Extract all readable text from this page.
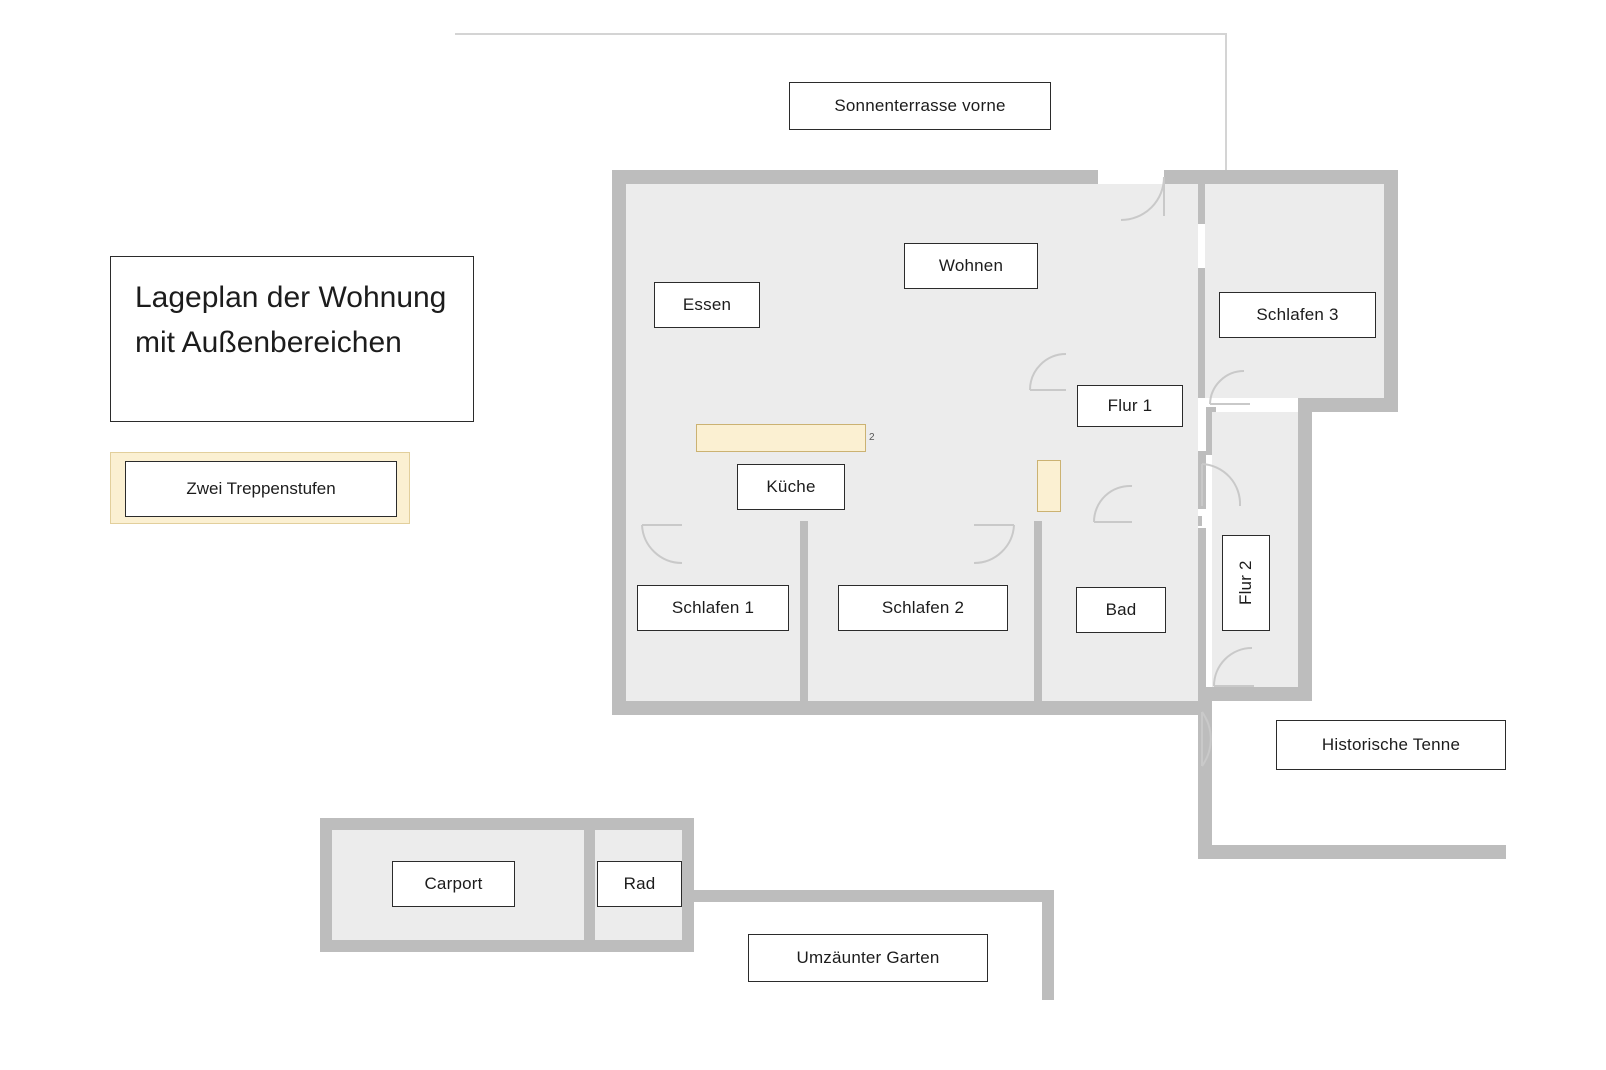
Lageplan der Wohnung mit Außenbereichen
Zwei Treppenstufen
2
Sonnenterrasse vorne
Wohnen
Essen
Schlafen 3
Flur 1
Küche
Schlafen 1	Schlafen 2	Bad
Flur 2
Historische Tenne
Carport	Rad
Umzäunter Garten
